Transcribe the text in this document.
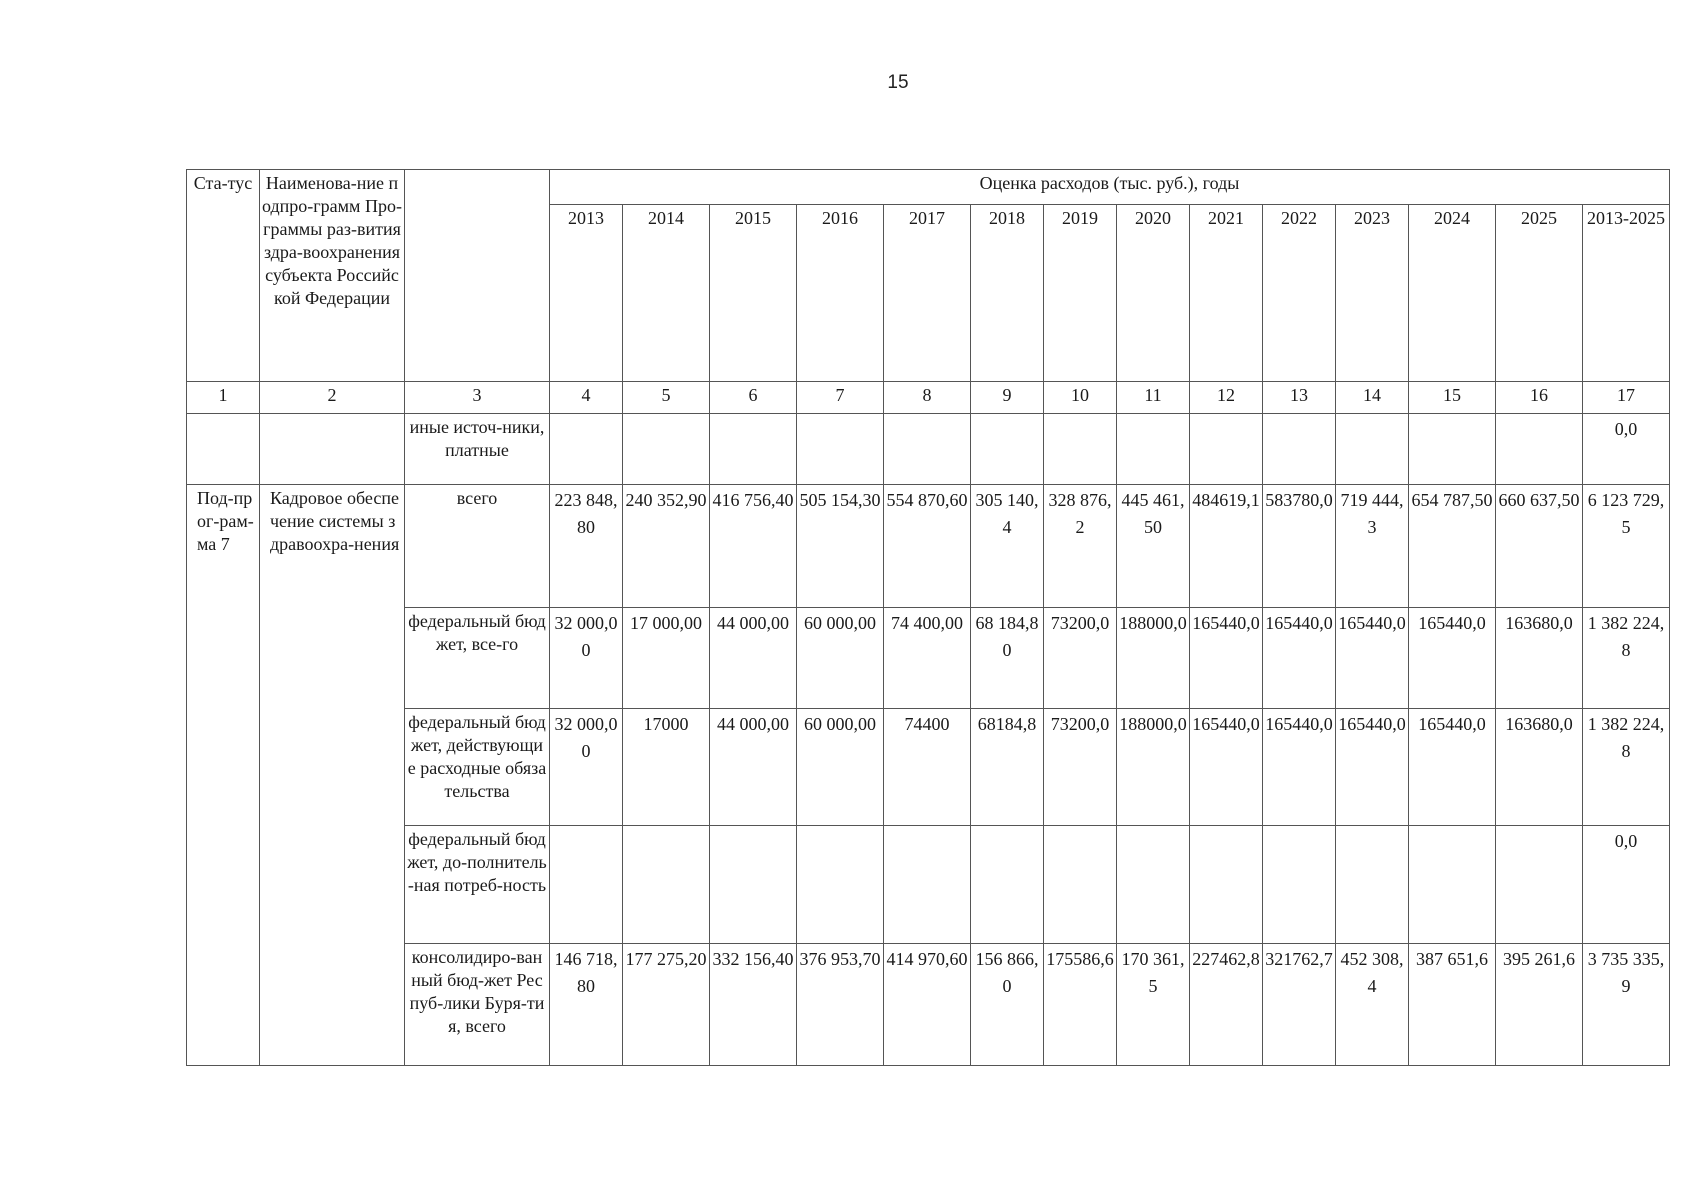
15
Ста-тус	Наименова-ние подпро-грамм Про-граммы раз-вития здра-воохранения субъекта Российской Федерации		Оценка расходов (тыс. руб.), годы													

			2013	2014	2015	2016	2017	2018	2019	2020	2021	2022	2023	2024	2025	2013-2025

1	2	3	4	5	6	7	8	9	10	11	12	13	14	15	16	17

		иные источ-ники, платные														0,0

Под-прог-рам-ма 7	Кадровое обеспечение системы здравоохра-нения	всего	223 848,80	240 352,90	416 756,40	505 154,30	554 870,60	305 140,4	328 876,2	445 461,50	484619,1	583780,0	719 444,3	654 787,50	660 637,50	6 123 729,5

		федеральный бюджет, все-го	32 000,00	17 000,00	44 000,00	60 000,00	74 400,00	68 184,80	73200,0	188000,0	165440,0	165440,0	165440,0	165440,0	163680,0	1 382 224,8

		федеральный бюджет, действующие расходные обязательства	32 000,00	17000	44 000,00	60 000,00	74400	68184,8	73200,0	188000,0	165440,0	165440,0	165440,0	165440,0	163680,0	1 382 224,8

		федеральный бюджет, до-полнитель-ная потреб-ность														0,0

		консолидиро-ванный бюд-жет Респуб-лики Буря-тия, всего	146 718,80	177 275,20	332 156,40	376 953,70	414 970,60	156 866,0	175586,6	170 361,5	227462,8	321762,7	452 308,4	387 651,6	395 261,6	3 735 335,9
